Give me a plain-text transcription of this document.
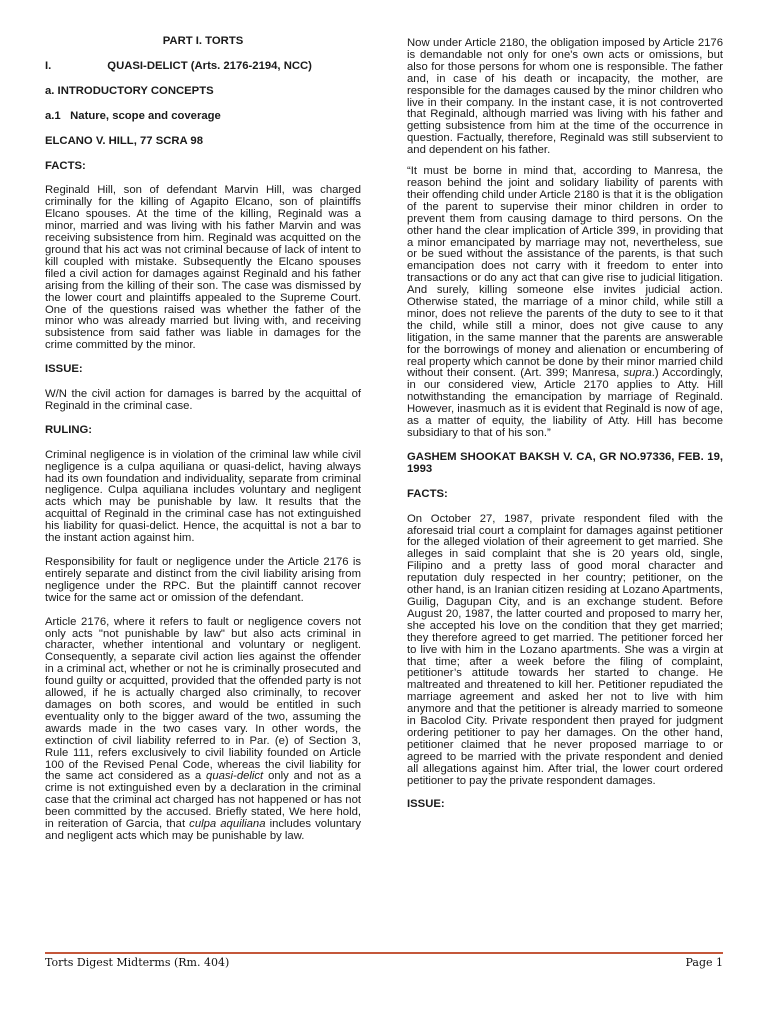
PART I. TORTS

I.	QUASI-DELICT (Arts. 2176-2194, NCC)

a. INTRODUCTORY CONCEPTS

a.1 Nature, scope and coverage

ELCANO V. HILL, 77 SCRA 98

FACTS:

Reginald Hill, son of defendant Marvin Hill, was charged criminally for the killing of Agapito Elcano, son of plaintiffs Elcano spouses. At the time of the killing, Reginald was a minor, married and was living with his father Marvin and was receiving subsistence from him. Reginald was acquitted on the ground that his act was not criminal because of lack of intent to kill coupled with mistake. Subsequently the Elcano spouses filed a civil action for damages against Reginald and his father arising from the killing of their son. The case was dismissed by the lower court and plaintiffs appealed to the Supreme Court. One of the questions raised was whether the father of the minor who was already married but living with, and receiving subsistence from said father was liable in damages for the crime committed by the minor.

ISSUE:

W/N the civil action for damages is barred by the acquittal of Reginald in the criminal case.

RULING:

Criminal negligence is in violation of the criminal law while civil negligence is a culpa aquiliana or quasi-delict, having always had its own foundation and individuality, separate from criminal negligence. Culpa aquiliana includes voluntary and negligent acts which may be punishable by law. It results that the acquittal of Reginald in the criminal case has not extinguished his liability for quasi-delict. Hence, the acquittal is not a bar to the instant action against him.

Responsibility for fault or negligence under the Article 2176 is entirely separate and distinct from the civil liability arising from negligence under the RPC. But the plaintiff cannot recover twice for the same act or omission of the defendant.

Article 2176, where it refers to fault or negligence covers not only acts "not punishable by law" but also acts criminal in character, whether intentional and voluntary or negligent. Consequently, a separate civil action lies against the offender in a criminal act, whether or not he is criminally prosecuted and found guilty or acquitted, provided that the offended party is not allowed, if he is actually charged also criminally, to recover damages on both scores, and would be entitled in such eventuality only to the bigger award of the two, assuming the awards made in the two cases vary. In other words, the extinction of civil liability referred to in Par. (e) of Section 3, Rule 111, refers exclusively to civil liability founded on Article 100 of the Revised Penal Code, whereas the civil liability for the same act considered as a quasi-delict only and not as a crime is not extinguished even by a declaration in the criminal case that the criminal act charged has not happened or has not been committed by the accused. Briefly stated, We here hold, in reiteration of Garcia, that culpa aquiliana includes voluntary and negligent acts which may be punishable by law.

Now under Article 2180, the obligation imposed by Article 2176 is demandable not only for one's own acts or omissions, but also for those persons for whom one is responsible. The father and, in case of his death or incapacity, the mother, are responsible for the damages caused by the minor children who live in their company. In the instant case, it is not controverted that Reginald, although married was living with his father and getting subsistence from him at the time of the occurrence in question. Factually, therefore, Reginald was still subservient to and dependent on his father.

“It must be borne in mind that, according to Manresa, the reason behind the joint and solidary liability of parents with their offending child under Article 2180 is that it is the obligation of the parent to supervise their minor children in order to prevent them from causing damage to third persons. On the other hand the clear implication of Article 399, in providing that a minor emancipated by marriage may not, nevertheless, sue or be sued without the assistance of the parents, is that such emancipation does not carry with it freedom to enter into transactions or do any act that can give rise to judicial litigation. And surely, killing someone else invites judicial action. Otherwise stated, the marriage of a minor child, while still a minor, does not relieve the parents of the duty to see to it that the child, while still a minor, does not give cause to any litigation, in the same manner that the parents are answerable for the borrowings of money and alienation or encumbering of real property which cannot be done by their minor married child without their consent. (Art. 399; Manresa, supra.) Accordingly, in our considered view, Article 2170 applies to Atty. Hill notwithstanding the emancipation by marriage of Reginald. However, inasmuch as it is evident that Reginald is now of age, as a matter of equity, the liability of Atty. Hill has become subsidiary to that of his son.”

GASHEM SHOOKAT BAKSH V. CA, GR NO.97336, FEB. 19, 1993

FACTS:

On October 27, 1987, private respondent filed with the aforesaid trial court a complaint for damages against petitioner for the alleged violation of their agreement to get married. She alleges in said complaint that she is 20 years old, single, Filipino and a pretty lass of good moral character and reputation duly respected in her country; petitioner, on the other hand, is an Iranian citizen residing at Lozano Apartments, Guilig, Dagupan City, and is an exchange student. Before August 20, 1987, the latter courted and proposed to marry her, she accepted his love on the condition that they get married; they therefore agreed to get married. The petitioner forced her to live with him in the Lozano apartments. She was a virgin at that time; after a week before the filing of complaint, petitioner’s attitude towards her started to change. He maltreated and threatened to kill her. Petitioner repudiated the marriage agreement and asked her not to live with him anymore and that the petitioner is already married to someone in Bacolod City. Private respondent then prayed for judgment ordering petitioner to pay her damages. On the other hand, petitioner claimed that he never proposed marriage to or agreed to be married with the private respondent and denied all allegations against him. After trial, the lower court ordered petitioner to pay the private respondent damages.

ISSUE:

Torts Digest Midterms (Rm. 404)	Page 1
